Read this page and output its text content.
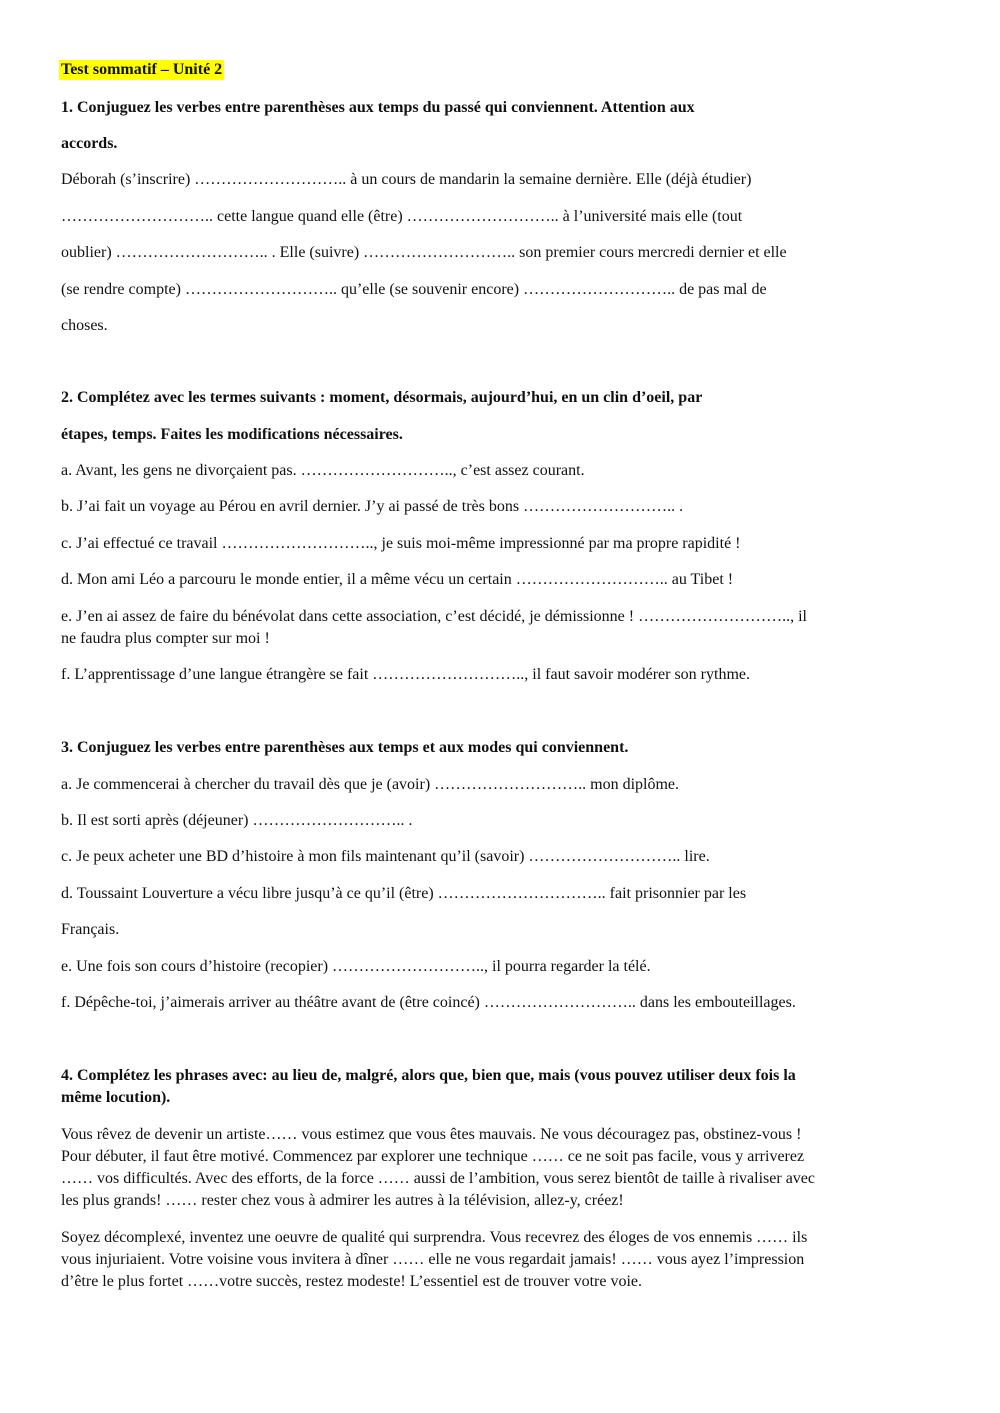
Test sommatif – Unité 2
1. Conjuguez les verbes entre parenthèses aux temps du passé qui conviennent. Attention aux
accords.
Déborah (s’inscrire) ……………………….. à un cours de mandarin la semaine dernière. Elle (déjà étudier)
……………………….. cette langue quand elle (être) ……………………….. à l’université mais elle (tout
oublier) ……………………….. . Elle (suivre) ……………………….. son premier cours mercredi dernier et elle
(se rendre compte) ……………………….. qu’elle (se souvenir encore) ……………………….. de pas mal de
choses.
2. Complétez avec les termes suivants : moment, désormais, aujourd’hui, en un clin d’oeil, par
étapes, temps. Faites les modifications nécessaires.
a. Avant, les gens ne divorçaient pas. ……………………….., c’est assez courant.
b. J’ai fait un voyage au Pérou en avril dernier. J’y ai passé de très bons ……………………….. .
c. J’ai effectué ce travail ……………………….., je suis moi-même impressionné par ma propre rapidité !
d. Mon ami Léo a parcouru le monde entier, il a même vécu un certain ……………………….. au Tibet !
e. J’en ai assez de faire du bénévolat dans cette association, c’est décidé, je démissionne ! ……………………….., il
ne faudra plus compter sur moi !
f. L’apprentissage d’une langue étrangère se fait ……………………….., il faut savoir modérer son rythme.
3. Conjuguez les verbes entre parenthèses aux temps et aux modes qui conviennent.
a. Je commencerai à chercher du travail dès que je (avoir) ……………………….. mon diplôme.
b. Il est sorti après (déjeuner) ……………………….. .
c. Je peux acheter une BD d’histoire à mon fils maintenant qu’il (savoir) ……………………….. lire.
d. Toussaint Louverture a vécu libre jusqu’à ce qu’il (être) ………………………….. fait prisonnier par les
Français.
e. Une fois son cours d’histoire (recopier) ……………………….., il pourra regarder la télé.
f. Dépêche-toi, j’aimerais arriver au théâtre avant de (être coincé) ……………………….. dans les embouteillages.
4. Complétez les phrases avec: au lieu de, malgré, alors que, bien que, mais (vous pouvez utiliser deux fois la
même locution).
Vous rêvez de devenir un artiste…… vous estimez que vous êtes mauvais. Ne vous découragez pas, obstinez-vous !
Pour débuter, il faut être motivé. Commencez par explorer une technique …… ce ne soit pas facile, vous y arriverez
…… vos difficultés. Avec des efforts, de la force …… aussi de l’ambition, vous serez bientôt de taille à rivaliser avec
les plus grands! …… rester chez vous à admirer les autres à la télévision, allez-y, créez!
Soyez décomplexé, inventez une oeuvre de qualité qui surprendra. Vous recevrez des éloges de vos ennemis …… ils
vous injuriaient. Votre voisine vous invitera à dîner …… elle ne vous regardait jamais! …… vous ayez l’impression
d’être le plus fortet ……votre succès, restez modeste! L’essentiel est de trouver votre voie.
